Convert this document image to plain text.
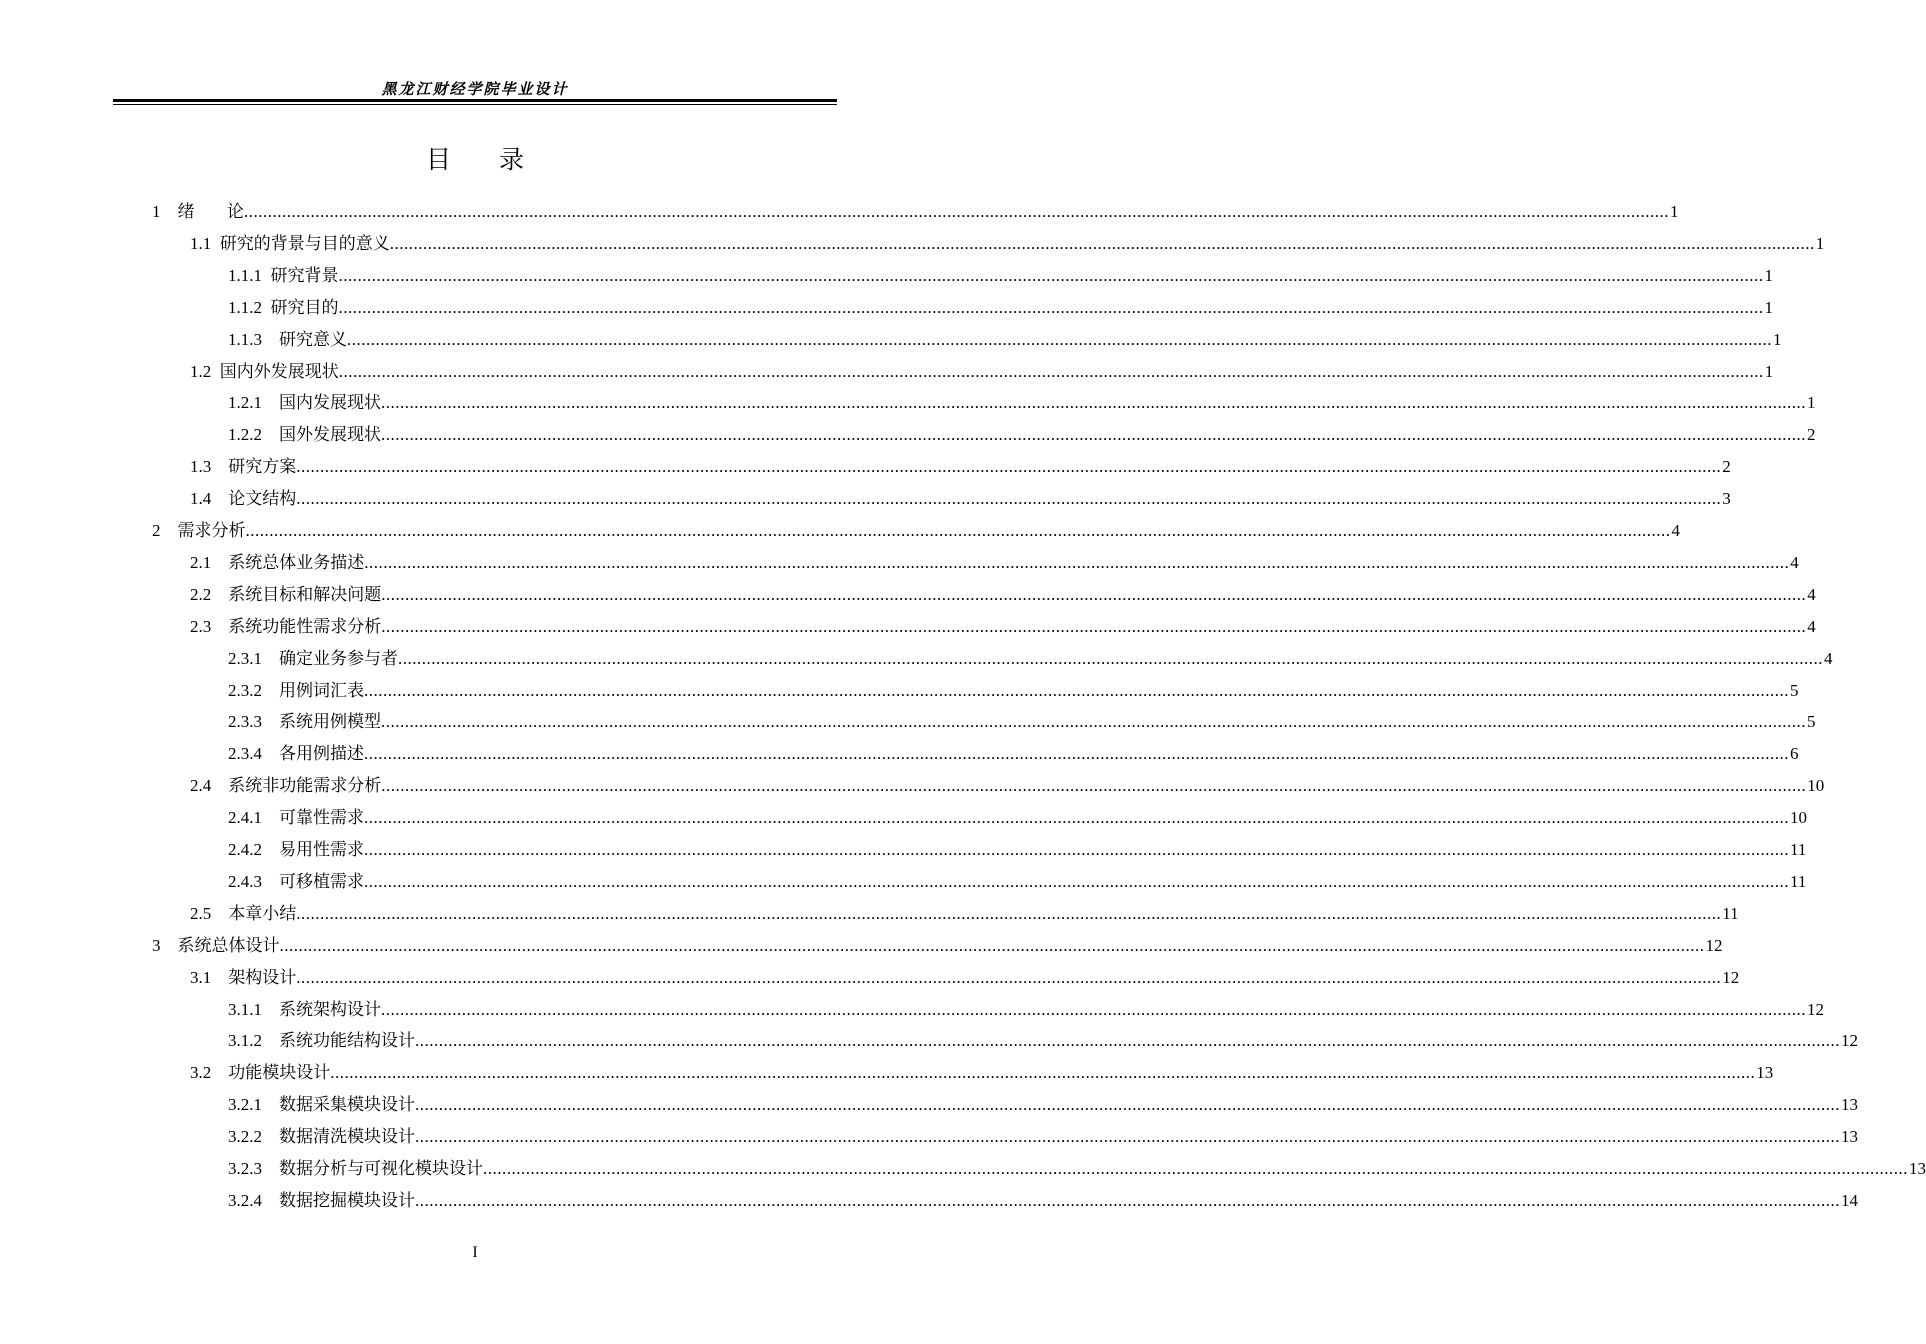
黑龙江财经学院毕业设计
目录
1
绪      论 ............................................................................................................................................................................................................................................................................................................ 1
1.1
研究的背景与目的意义 ............................................................................................................................................................................................................................................................................................................ 1
1.1.1
研究背景 ............................................................................................................................................................................................................................................................................................................ 1
1.1.2
研究目的 ............................................................................................................................................................................................................................................................................................................ 1
1.1.3
研究意义 ............................................................................................................................................................................................................................................................................................................ 1
1.2
国内外发展现状 ............................................................................................................................................................................................................................................................................................................ 1
1.2.1
国内发展现状 ............................................................................................................................................................................................................................................................................................................ 1
1.2.2
国外发展现状 ............................................................................................................................................................................................................................................................................................................ 2
1.3
研究方案 ............................................................................................................................................................................................................................................................................................................ 2
1.4
论文结构 ............................................................................................................................................................................................................................................................................................................ 3
2
需求分析 ............................................................................................................................................................................................................................................................................................................ 4
2.1
系统总体业务描述 ............................................................................................................................................................................................................................................................................................................ 4
2.2
系统目标和解决问题 ............................................................................................................................................................................................................................................................................................................ 4
2.3
系统功能性需求分析 ............................................................................................................................................................................................................................................................................................................ 4
2.3.1
确定业务参与者 ............................................................................................................................................................................................................................................................................................................ 4
2.3.2
用例词汇表 ............................................................................................................................................................................................................................................................................................................ 5
2.3.3
系统用例模型 ............................................................................................................................................................................................................................................................................................................ 5
2.3.4
各用例描述 ............................................................................................................................................................................................................................................................................................................ 6
2.4
系统非功能需求分析 ............................................................................................................................................................................................................................................................................................................ 10
2.4.1
可靠性需求 ............................................................................................................................................................................................................................................................................................................ 10
2.4.2
易用性需求 ............................................................................................................................................................................................................................................................................................................ 11
2.4.3
可移植需求 ............................................................................................................................................................................................................................................................................................................ 11
2.5
本章小结 ............................................................................................................................................................................................................................................................................................................ 11
3
系统总体设计 ............................................................................................................................................................................................................................................................................................................ 12
3.1
架构设计 ............................................................................................................................................................................................................................................................................................................ 12
3.1.1
系统架构设计 ............................................................................................................................................................................................................................................................................................................ 12
3.1.2
系统功能结构设计 ............................................................................................................................................................................................................................................................................................................ 12
3.2
功能模块设计 ............................................................................................................................................................................................................................................................................................................ 13
3.2.1
数据采集模块设计 ............................................................................................................................................................................................................................................................................................................ 13
3.2.2
数据清洗模块设计 ............................................................................................................................................................................................................................................................................................................ 13
3.2.3
数据分析与可视化模块设计 ............................................................................................................................................................................................................................................................................................................ 13
3.2.4
数据挖掘模块设计 ............................................................................................................................................................................................................................................................................................................ 14
I
